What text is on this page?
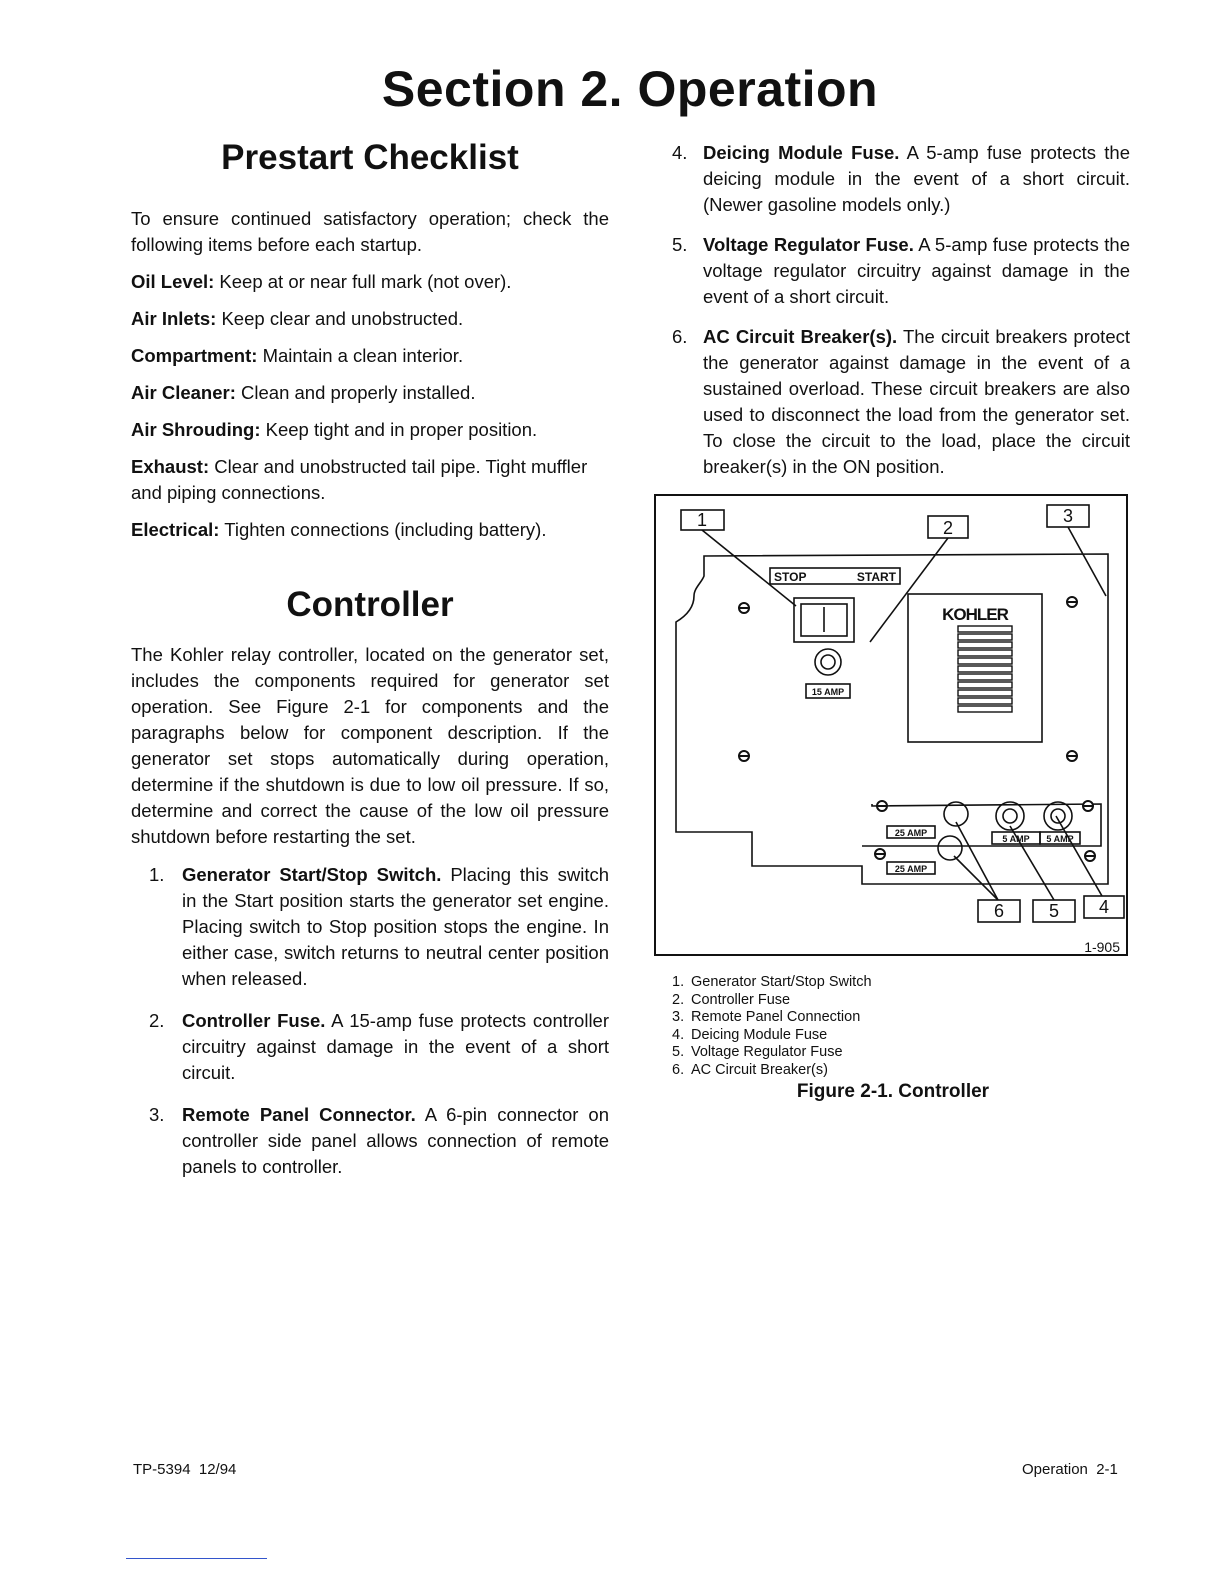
Section 2. Operation
Prestart Checklist

To ensure continued satisfactory operation; check the following items before each startup.

Oil Level: Keep at or near full mark (not over).
Air Inlets: Keep clear and unobstructed.
Compartment: Maintain a clean interior.
Air Cleaner: Clean and properly installed.
Air Shrouding: Keep tight and in proper position.
Exhaust: Clear and unobstructed tail pipe. Tight muffler and piping connections.
Electrical: Tighten connections (including battery).
Controller

The Kohler relay controller, located on the generator set, includes the components required for generator set operation. See Figure 2-1 for components and the paragraphs below for component description. If the generator set stops automatically during operation, determine if the shutdown is due to low oil pressure. If so, determine and correct the cause of the low oil pressure shutdown before restarting the set.

1. Generator Start/Stop Switch. Placing this switch in the Start position starts the generator set engine. Placing switch to Stop position stops the engine. In either case, switch returns to neutral center position when released.
2. Controller Fuse. A 15-amp fuse protects controller circuitry against damage in the event of a short circuit.
3. Remote Panel Connector. A 6-pin connector on controller side panel allows connection of remote panels to controller.
4. Deicing Module Fuse. A 5-amp fuse protects the deicing module in the event of a short circuit. (Newer gasoline models only.)
5. Voltage Regulator Fuse. A 5-amp fuse protects the voltage regulator circuitry against damage in the event of a short circuit.
6. AC Circuit Breaker(s). The circuit breakers protect the generator against damage in the event of a sustained overload. These circuit breakers are also used to disconnect the load from the generator set. To close the circuit to the load, place the circuit breaker(s) in the ON position.
1	2
3
4
5
6
STOP	START
15 AMP
KOHLER
25 AMP
25 AMP
5 AMP 5 AMP
1-905
1. Generator Start/Stop Switch
2. Controller Fuse
3. Remote Panel Connection
4. Deicing Module Fuse
5. Voltage Regulator Fuse
6. AC Circuit Breaker(s)
Figure 2-1. Controller
TP-5394  12/94	Operation  2-1
